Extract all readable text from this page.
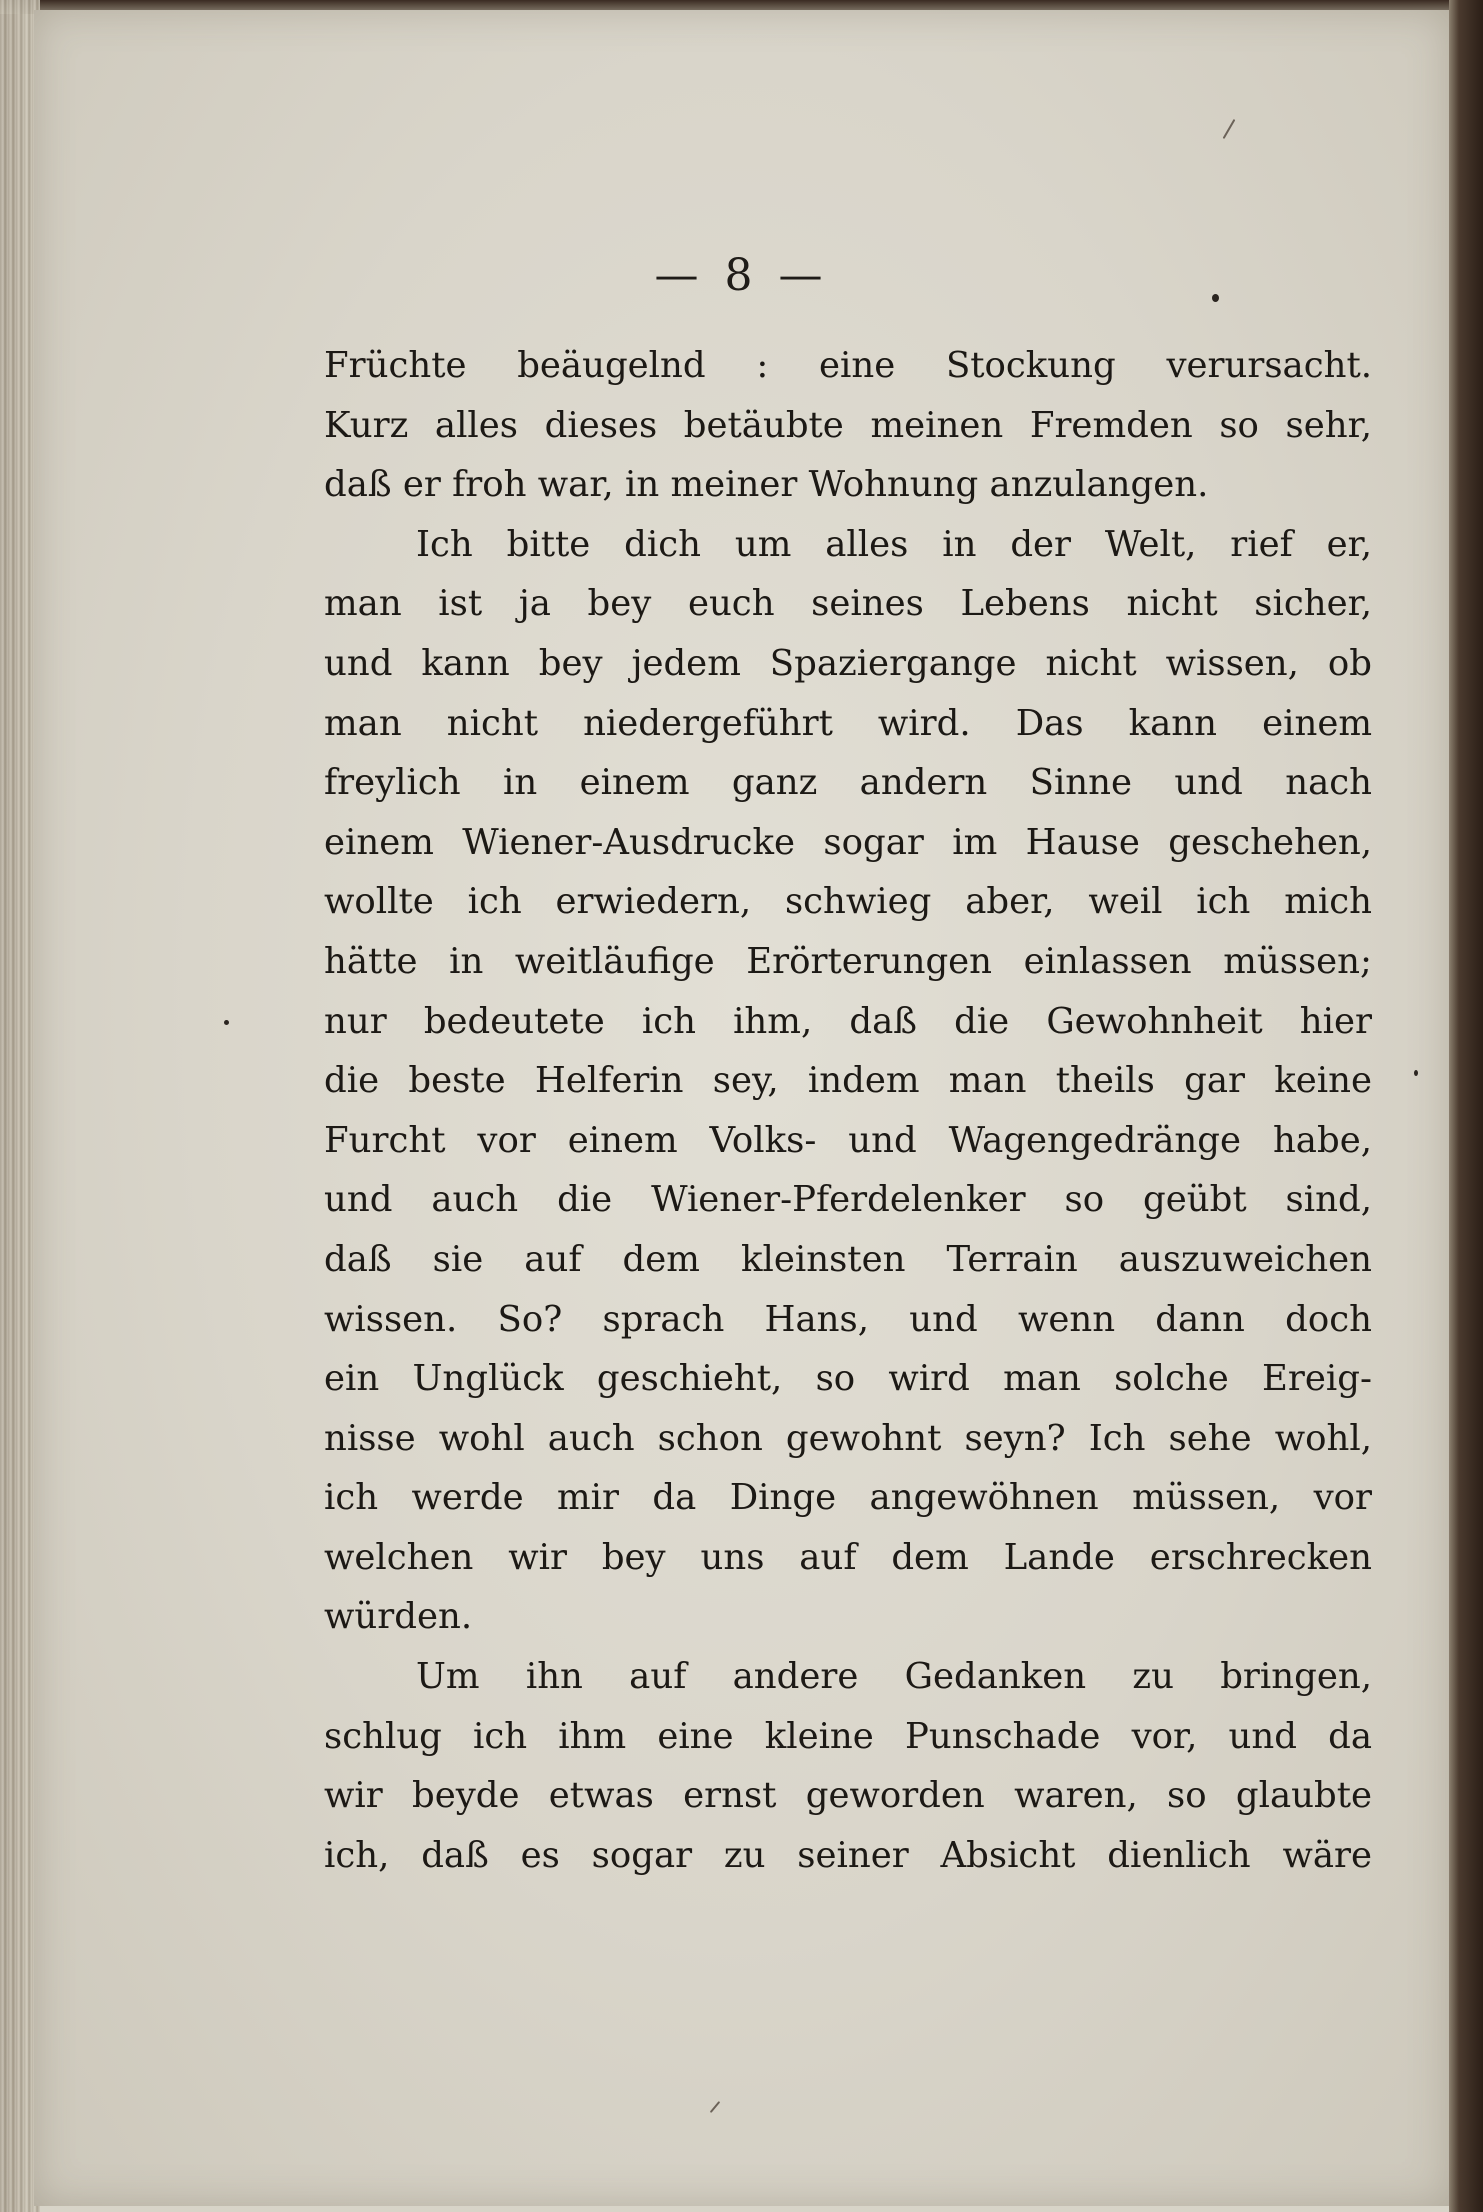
— 8 —
Früchte beäugelnd : eine Stockung verursacht.
Kurz alles dieses betäubte meinen Fremden so sehr,
daß er froh war, in meiner Wohnung anzulangen.
Ich bitte dich um alles in der Welt, rief er,
man ist ja bey euch seines Lebens nicht sicher,
und kann bey jedem Spaziergange nicht wissen, ob
man nicht niedergeführt wird. Das kann einem
freylich in einem ganz andern Sinne und nach
einem Wiener-Ausdrucke sogar im Hause geschehen,
wollte ich erwiedern, schwieg aber, weil ich mich
hätte in weitläufige Erörterungen einlassen müssen;
nur bedeutete ich ihm, daß die Gewohnheit hier
die beste Helferin sey, indem man theils gar keine
Furcht vor einem Volks- und Wagengedränge habe,
und auch die Wiener-Pferdelenker so geübt sind,
daß sie auf dem kleinsten Terrain auszuweichen
wissen. So? sprach Hans, und wenn dann doch
ein Unglück geschieht, so wird man solche Ereig-
nisse wohl auch schon gewohnt seyn? Ich sehe wohl,
ich werde mir da Dinge angewöhnen müssen, vor
welchen wir bey uns auf dem Lande erschrecken
würden.
Um ihn auf andere Gedanken zu bringen,
schlug ich ihm eine kleine Punschade vor, und da
wir beyde etwas ernst geworden waren, so glaubte
ich, daß es sogar zu seiner Absicht dienlich wäre
